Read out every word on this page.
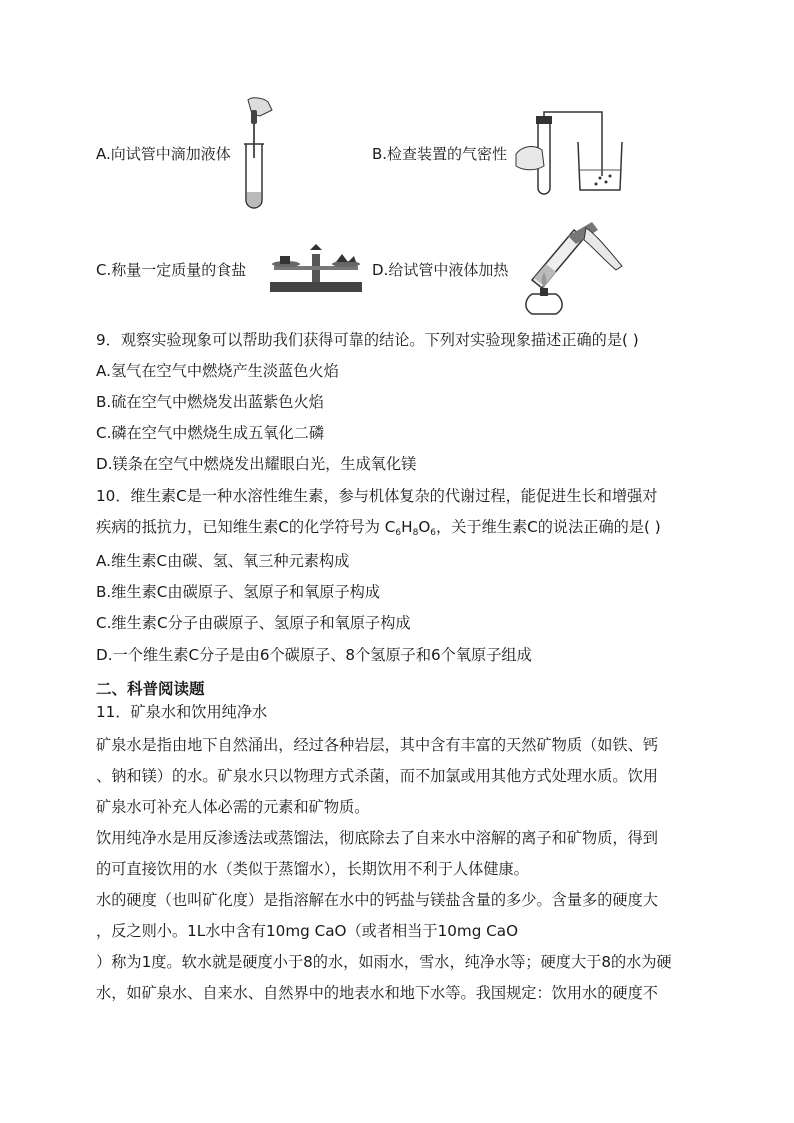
A.向试管中滴加液体	B.检查装置的气密性
C.称量一定质量的食盐	D.给试管中液体加热
9．观察实验现象可以帮助我们获得可靠的结论。下列对实验现象描述正确的是( )
A.氢气在空气中燃烧产生淡蓝色火焰
B.硫在空气中燃烧发出蓝紫色火焰
C.磷在空气中燃烧生成五氧化二磷
D.镁条在空气中燃烧发出耀眼白光，生成氧化镁
10．维生素C是一种水溶性维生素，参与机体复杂的代谢过程，能促进生长和增强对
疾病的抵抗力，已知维生素C的化学符号为 $C_6H_8O_6$，关于维生素C的说法正确的是( )
A.维生素C由碳、氢、氧三种元素构成
B.维生素C由碳原子、氢原子和氧原子构成
C.维生素C分子由碳原子、氢原子和氧原子构成
D.一个维生素C分子是由6个碳原子、8个氢原子和6个氧原子组成
二、科普阅读题
11．矿泉水和饮用纯净水
矿泉水是指由地下自然涌出，经过各种岩层，其中含有丰富的天然矿物质（如铁、钙
、钠和镁）的水。矿泉水只以物理方式杀菌，而不加氯或用其他方式处理水质。饮用
矿泉水可补充人体必需的元素和矿物质。
饮用纯净水是用反渗透法或蒸馏法，彻底除去了自来水中溶解的离子和矿物质，得到
的可直接饮用的水（类似于蒸馏水），长期饮用不利于人体健康。
水的硬度（也叫矿化度）是指溶解在水中的钙盐与镁盐含量的多少。含量多的硬度大
，反之则小。1L水中含有10mg CaO（或者相当于10mg CaO
）称为1度。软水就是硬度小于8的水，如雨水，雪水，纯净水等；硬度大于8的水为硬
水，如矿泉水、自来水、自然界中的地表水和地下水等。我国规定：饮用水的硬度不
